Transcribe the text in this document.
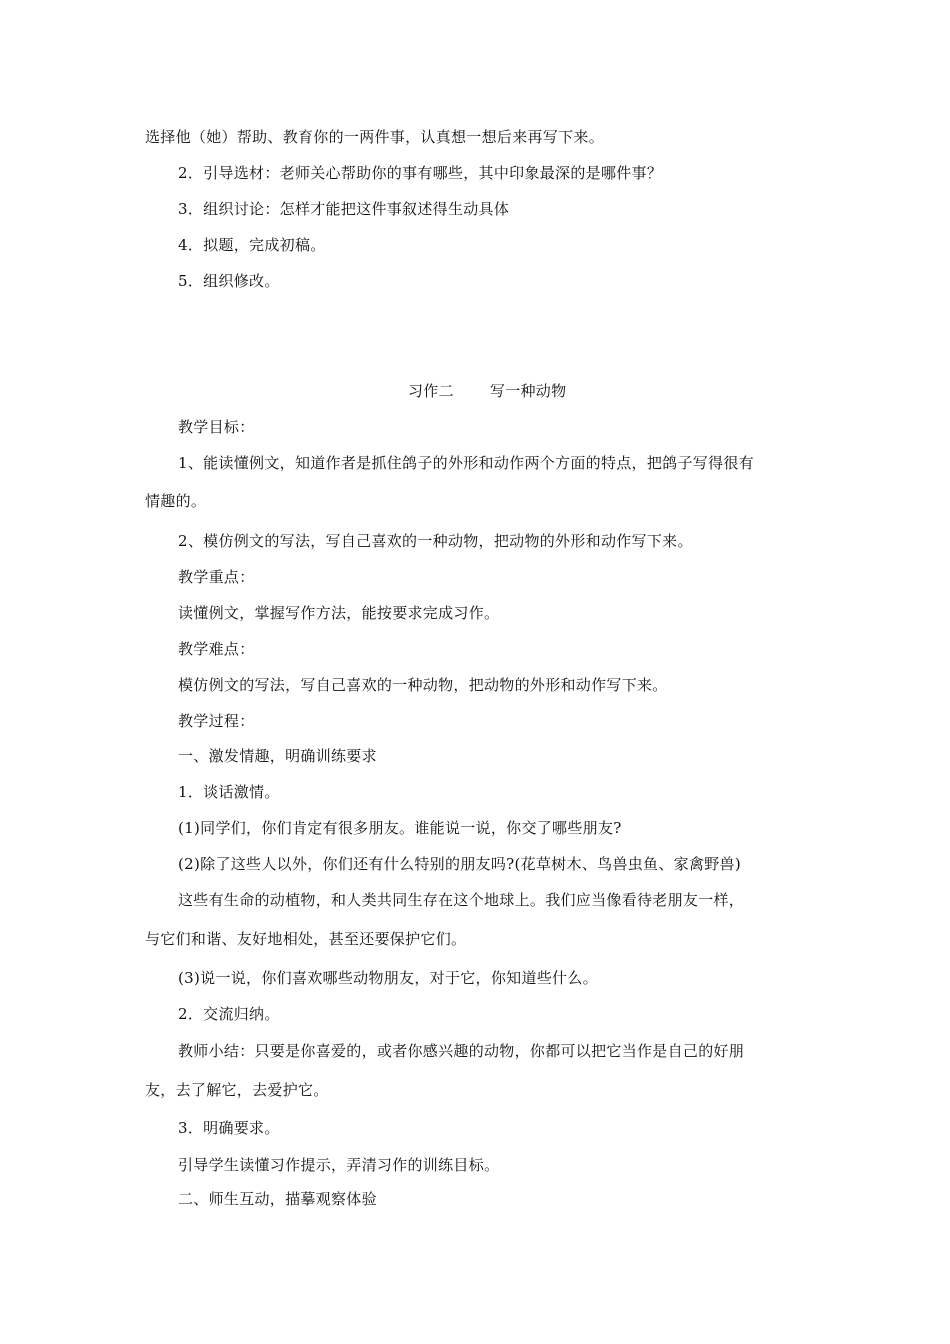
选择他（她）帮助、教育你的一两件事，认真想一想后来再写下来。
2．引导选材：老师关心帮助你的事有哪些，其中印象最深的是哪件事？
3．组织讨论：怎样才能把这件事叙述得生动具体
4．拟题，完成初稿。
5．组织修改。
习作二 写一种动物
教学目标：
1、能读懂例文，知道作者是抓住鸽子的外形和动作两个方面的特点，把鸽子写得很有
情趣的。
2、模仿例文的写法，写自己喜欢的一种动物，把动物的外形和动作写下来。
教学重点：
读懂例文，掌握写作方法，能按要求完成习作。
教学难点：
模仿例文的写法，写自己喜欢的一种动物，把动物的外形和动作写下来。
教学过程：
一、激发情趣，明确训练要求
1．谈话激情。
(1)同学们，你们肯定有很多朋友。谁能说一说，你交了哪些朋友?
(2)除了这些人以外，你们还有什么特别的朋友吗?(花草树木、鸟兽虫鱼、家禽野兽)
这些有生命的动植物，和人类共同生存在这个地球上。我们应当像看待老朋友一样，
与它们和谐、友好地相处，甚至还要保护它们。
(3)说一说，你们喜欢哪些动物朋友，对于它，你知道些什么。
2．交流归纳。
教师小结：只要是你喜爱的，或者你感兴趣的动物，你都可以把它当作是自己的好朋
友，去了解它，去爱护它。
3．明确要求。
引导学生读懂习作提示，弄清习作的训练目标。
二、师生互动，描摹观察体验
